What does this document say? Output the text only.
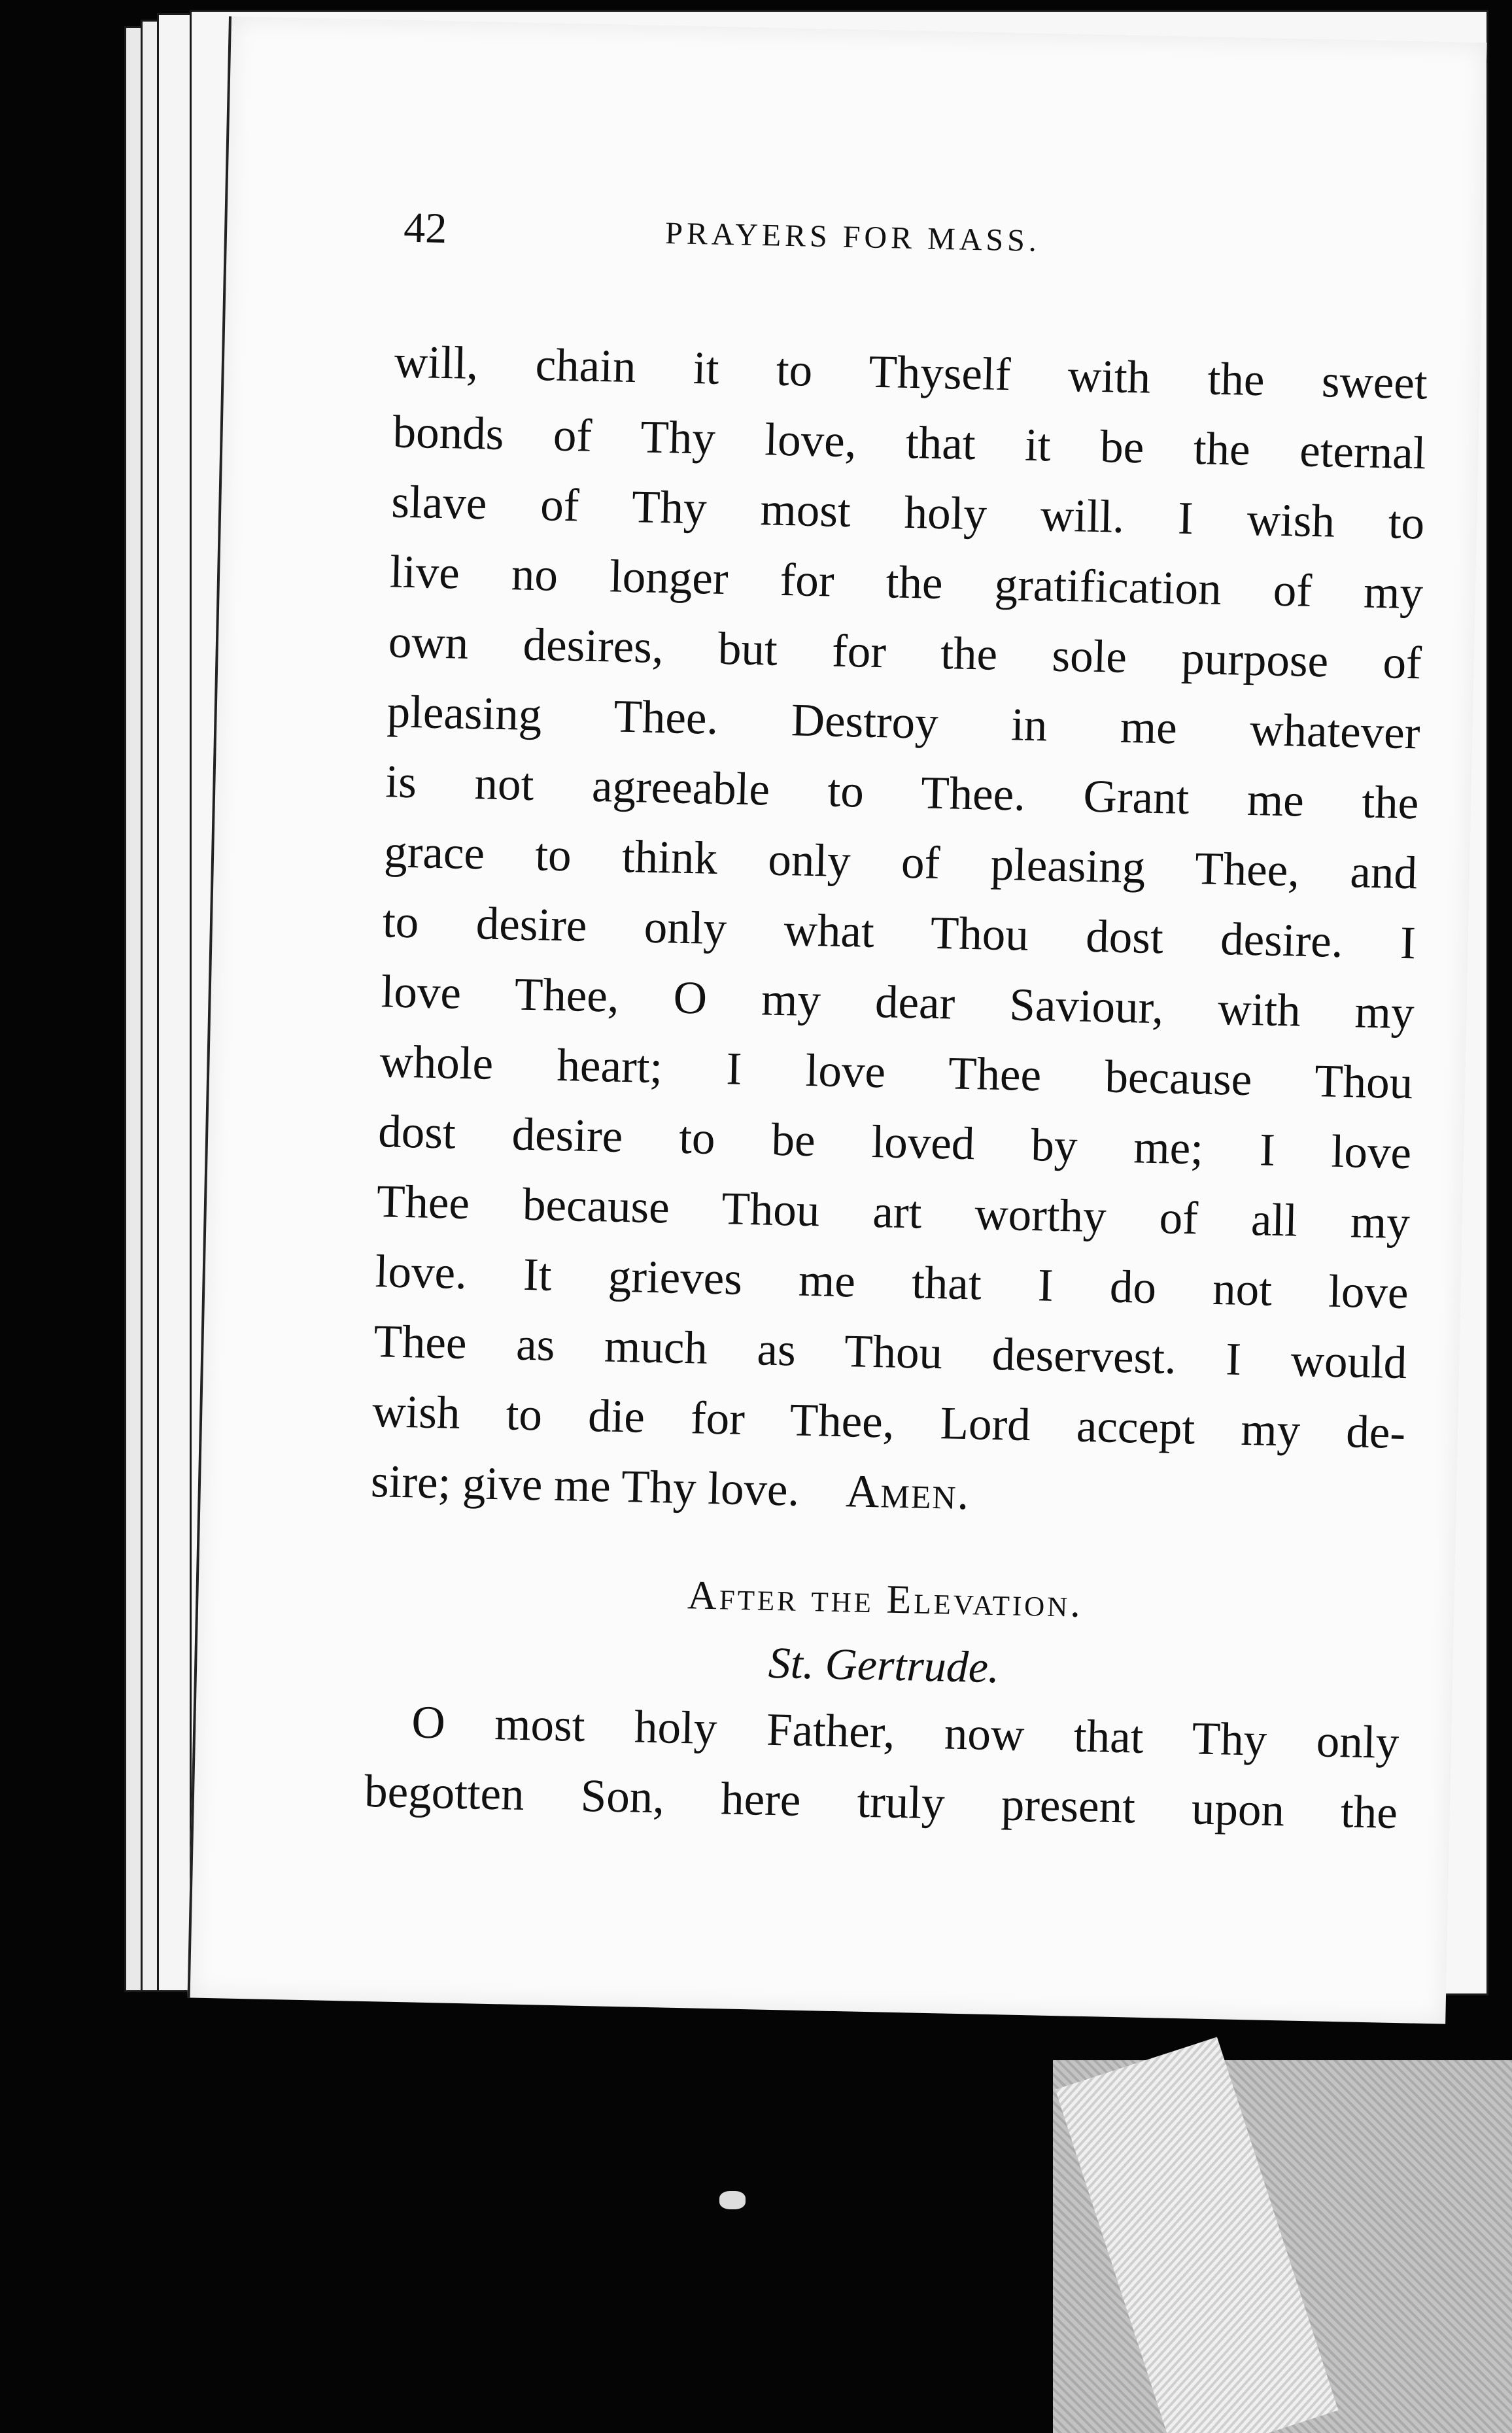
42	PRAYERS FOR MASS.
will, chain it to Thyself with the sweet
bonds of Thy love, that it be the eternal
slave of Thy most holy will. I wish to
live no longer for the gratification of my
own desires, but for the sole purpose of
pleasing Thee. Destroy in me whatever
is not agreeable to Thee. Grant me the
grace to think only of pleasing Thee, and
to desire only what Thou dost desire. I
love Thee, O my dear Saviour, with my
whole heart; I love Thee because Thou
dost desire to be loved by me; I love
Thee because Thou art worthy of all my
love. It grieves me that I do not love
Thee as much as Thou deservest. I would
wish to die for Thee, Lord accept my de-
sire; give me Thy love. Amen.
After the Elevation.
St. Gertrude.
O most holy Father, now that Thy only
begotten Son, here truly present upon the
